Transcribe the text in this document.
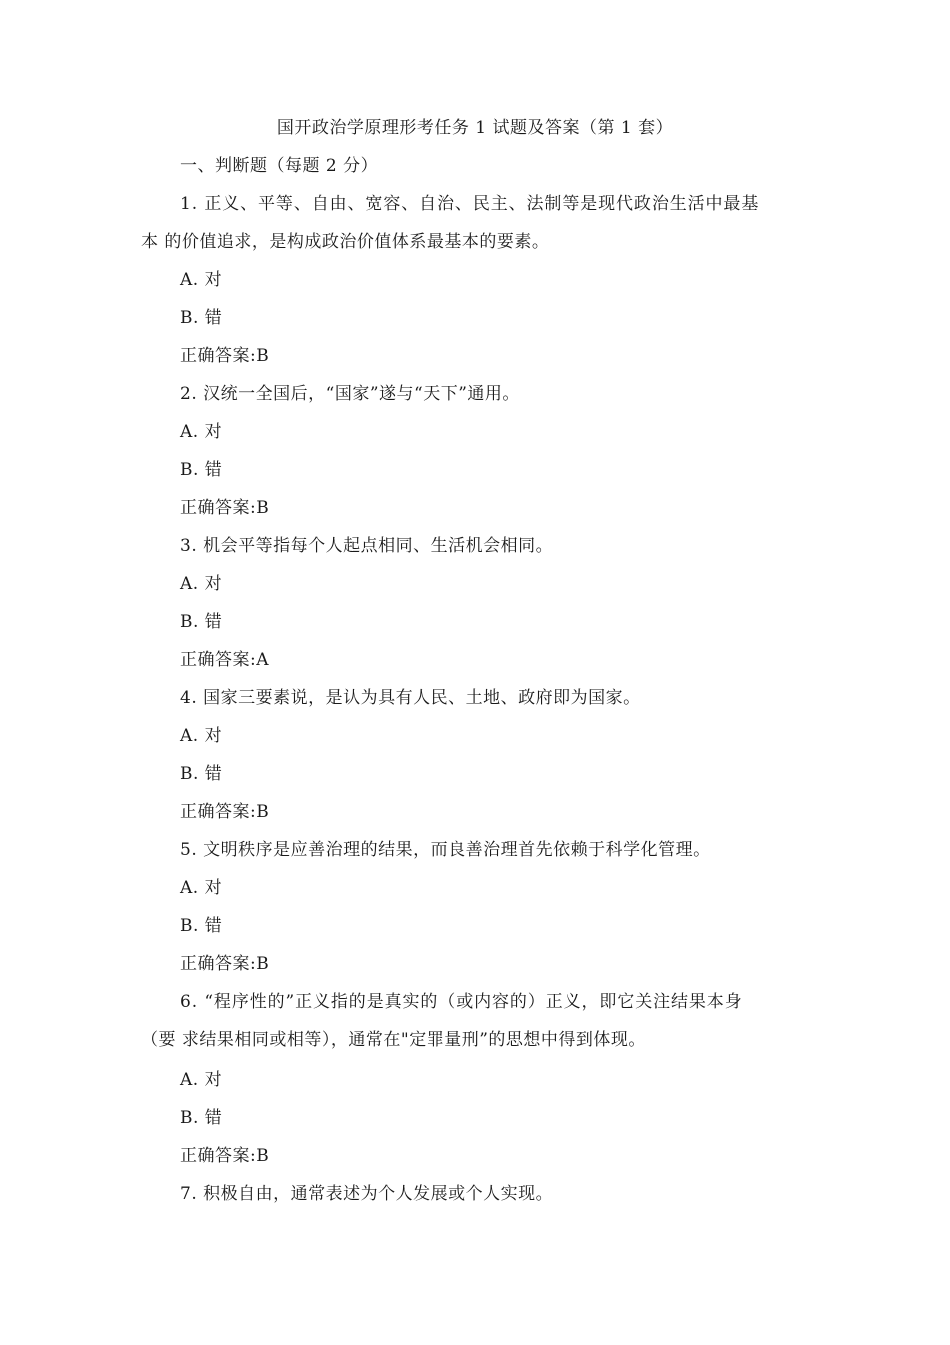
国开政治学原理形考任务 1 试题及答案（第 1 套）
一、判断题（每题 2 分）
1. 正义、平等、自由、宽容、自治、民主、法制等是现代政治生活中最基
本 的价值追求，是构成政治价值体系最基本的要素。
A. 对
B. 错
正确答案:B
2. 汉统一全国后，“国家”遂与“天下”通用。
A. 对
B. 错
正确答案:B
3. 机会平等指每个人起点相同、生活机会相同。
A. 对
B. 错
正确答案:A
4. 国家三要素说，是认为具有人民、土地、政府即为国家。
A. 对
B. 错
正确答案:B
5. 文明秩序是应善治理的结果，而良善治理首先依赖于科学化管理。
A. 对
B. 错
正确答案:B
6. “程序性的”正义指的是真实的（或内容的）正义，即它关注结果本身
（要 求结果相同或相等），通常在"定罪量刑”的思想中得到体现。
A. 对
B. 错
正确答案:B
7. 积极自由，通常表述为个人发展或个人实现。
